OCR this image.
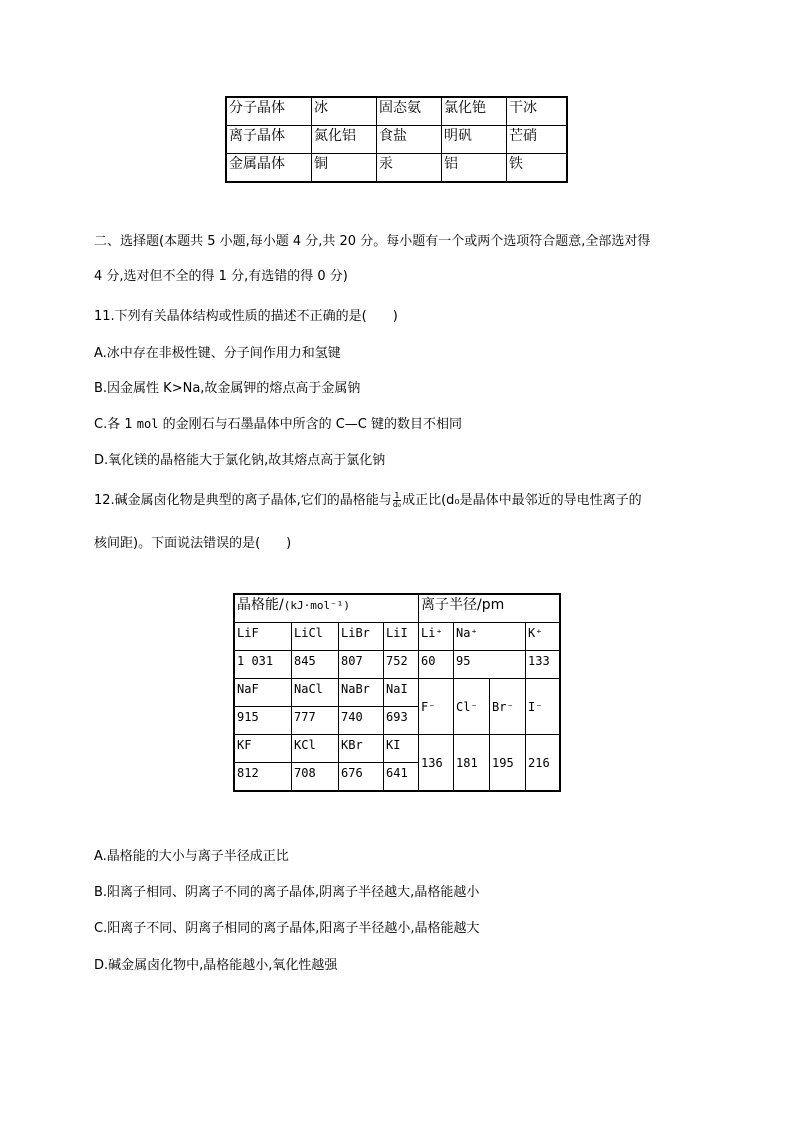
分子晶体	冰	固态氨	氯化铯	干冰
离子晶体	氮化铝	食盐	明矾	芒硝
金属晶体	铜	汞	铝	铁
二、选择题(本题共 5 小题,每小题 4 分,共 20 分。每小题有一个或两个选项符合题意,全部选对得
4 分,选对但不全的得 1 分,有选错的得 0 分)
11.下列有关晶体结构或性质的描述不正确的是(　　)
A.冰中存在非极性键、分子间作用力和氢键
B.因金属性 K>Na,故金属钾的熔点高于金属钠
C.各 1 mol 的金刚石与石墨晶体中所含的 C—C 键的数目不相同
D.氧化镁的晶格能大于氯化钠,故其熔点高于氯化钠
12.碱金属卤化物是典型的离子晶体,它们的晶格能与 $\frac{1}{\text{d₀}}$ 成正比(d₀是晶体中最邻近的导电性离子的
核间距)。下面说法错误的是(　　)
晶格能/(kJ·mol⁻¹)				离子半径/pm			
LiF	LiCl	LiBr	LiI	Li⁺	Na⁺		K⁺
1 031	845	807	752	60	95		133
NaF	NaCl	NaBr	NaI	F⁻	Cl⁻	Br⁻	I⁻
915	777	740	693				
KF	KCl	KBr	KI	136	181	195	216
812	708	676	641				
A.晶格能的大小与离子半径成正比
B.阳离子相同、阴离子不同的离子晶体,阴离子半径越大,晶格能越小
C.阳离子不同、阴离子相同的离子晶体,阳离子半径越小,晶格能越大
D.碱金属卤化物中,晶格能越小,氧化性越强
